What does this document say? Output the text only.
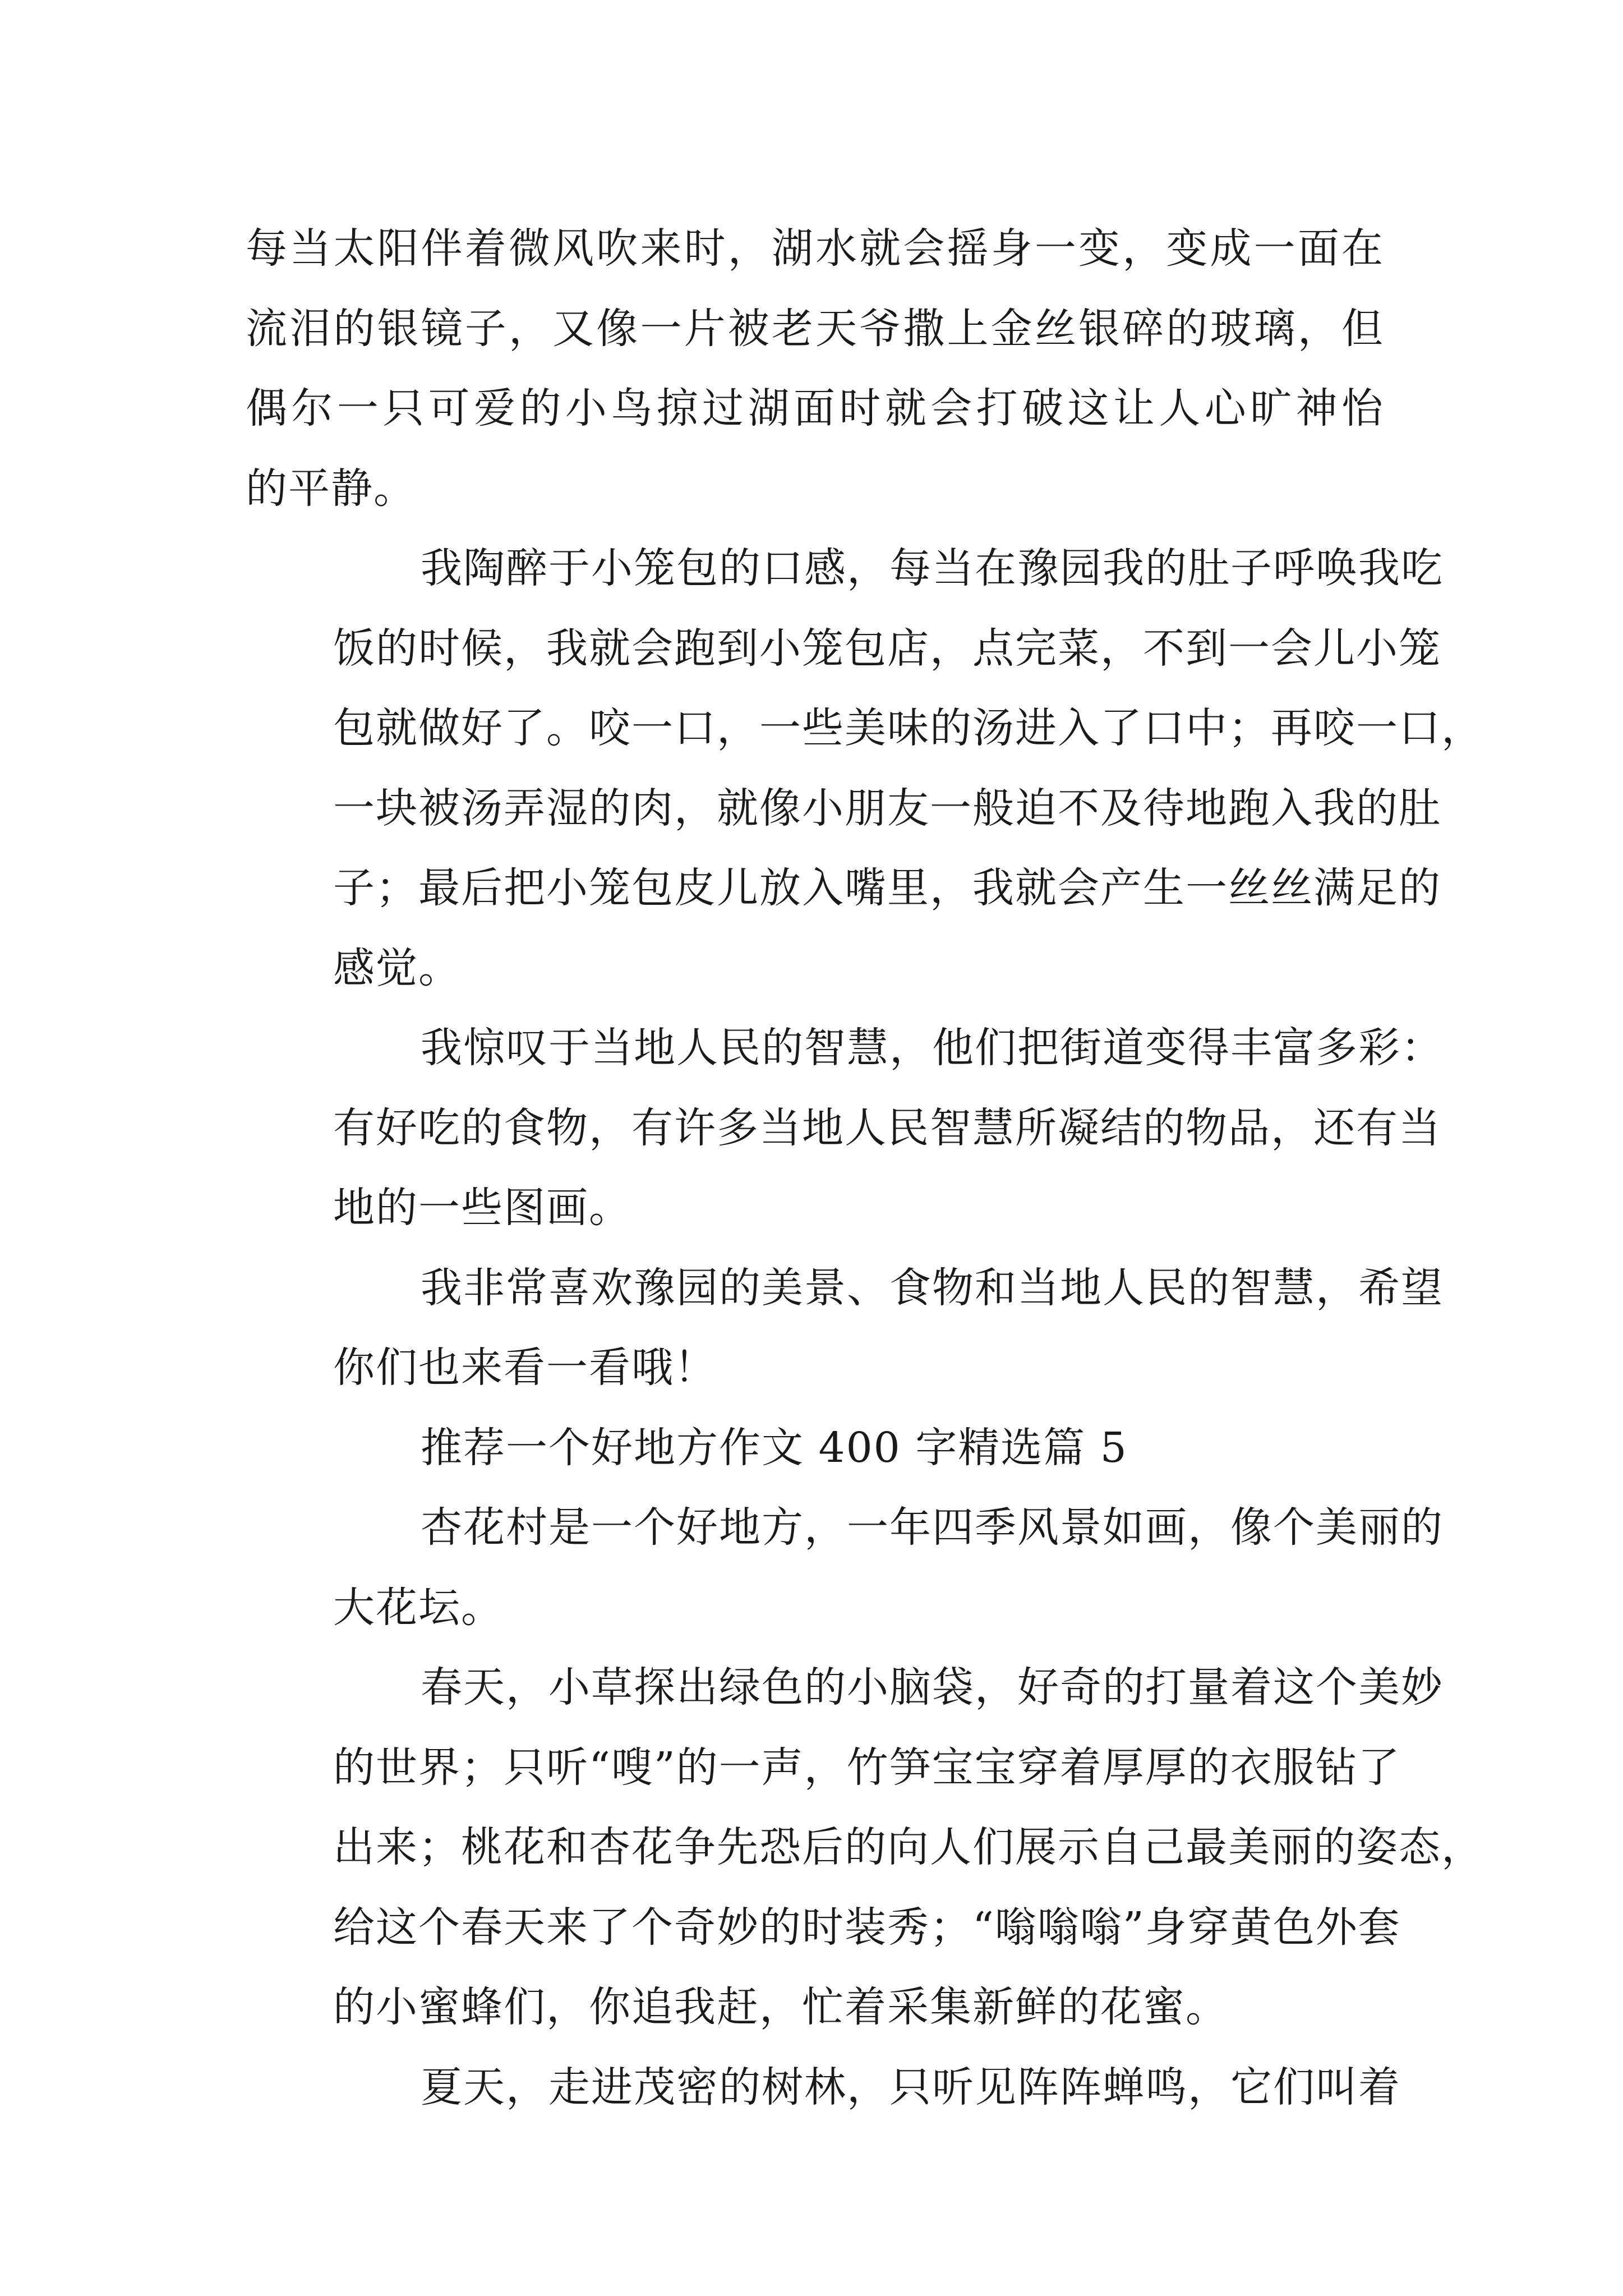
每当太阳伴着微风吹来时，湖水就会摇身一变，变成一面在
流泪的银镜子，又像一片被老天爷撒上金丝银碎的玻璃，但
偶尔一只可爱的小鸟掠过湖面时就会打破这让人心旷神怡
的平静。
我陶醉于小笼包的口感，每当在豫园我的肚子呼唤我吃
饭的时候，我就会跑到小笼包店，点完菜，不到一会儿小笼
包就做好了。咬一口，一些美味的汤进入了口中；再咬一口，
一块被汤弄湿的肉，就像小朋友一般迫不及待地跑入我的肚
子；最后把小笼包皮儿放入嘴里，我就会产生一丝丝满足的
感觉。
我惊叹于当地人民的智慧，他们把街道变得丰富多彩：
有好吃的食物，有许多当地人民智慧所凝结的物品，还有当
地的一些图画。
我非常喜欢豫园的美景、食物和当地人民的智慧，希望
你们也来看一看哦！
推荐一个好地方作文 400 字精选篇 5
杏花村是一个好地方，一年四季风景如画，像个美丽的
大花坛。
春天，小草探出绿色的小脑袋，好奇的打量着这个美妙
的世界；只听“嗖”的一声，竹笋宝宝穿着厚厚的衣服钻了
出来；桃花和杏花争先恐后的向人们展示自己最美丽的姿态，
给这个春天来了个奇妙的时装秀；“嗡嗡嗡”身穿黄色外套
的小蜜蜂们，你追我赶，忙着采集新鲜的花蜜。
夏天，走进茂密的树林，只听见阵阵蝉鸣，它们叫着
